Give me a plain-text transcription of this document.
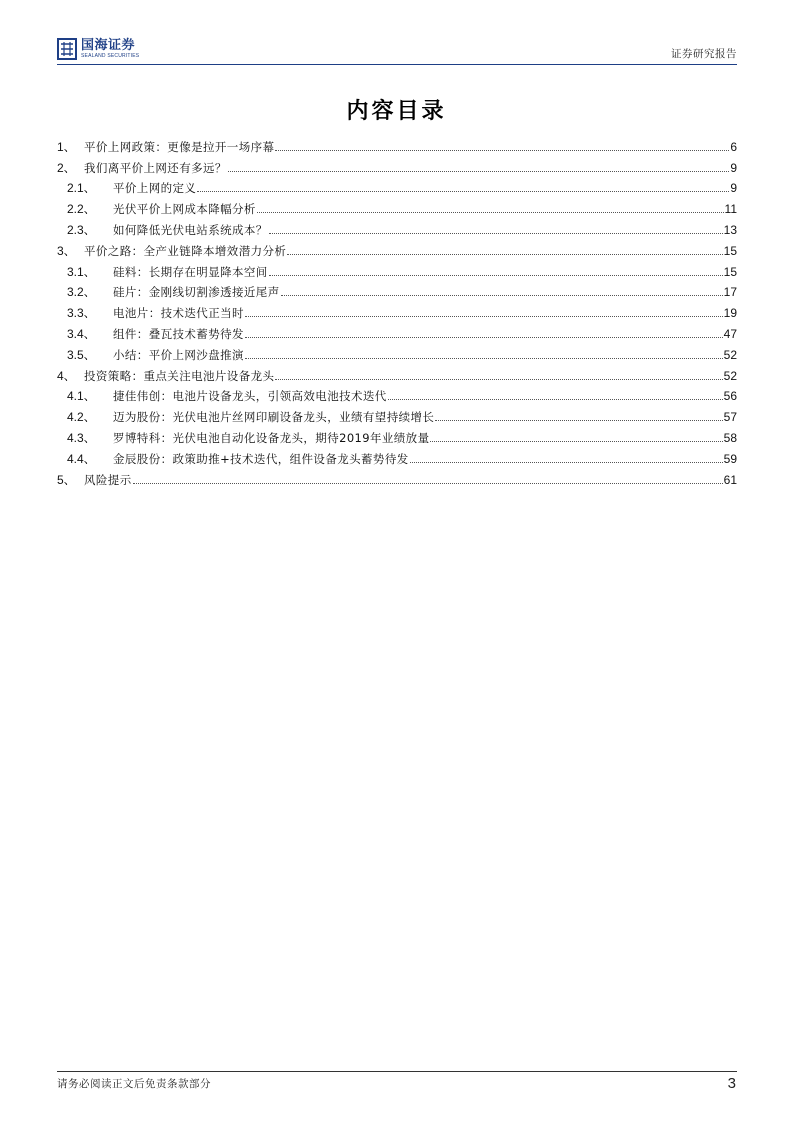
国海证券
SEALAND SECURITIES	证券研究报告
内容目录
1、 平价上网政策：更像是拉开一场序幕	6
2、 我们离平价上网还有多远？	9
2.1、	平价上网的定义	9
2.2、	光伏平价上网成本降幅分析	11
2.3、	如何降低光伏电站系统成本？	13
3、 平价之路：全产业链降本增效潜力分析	15
3.1、	硅料：长期存在明显降本空间	15
3.2、	硅片：金刚线切割渗透接近尾声	17
3.3、	电池片：技术迭代正当时	19
3.4、	组件：叠瓦技术蓄势待发	47
3.5、	小结：平价上网沙盘推演	52
4、 投资策略：重点关注电池片设备龙头	52
4.1、	捷佳伟创：电池片设备龙头，引领高效电池技术迭代	56
4.2、	迈为股份：光伏电池片丝网印刷设备龙头，业绩有望持续增长	57
4.3、	罗博特科：光伏电池自动化设备龙头，期待2019年业绩放量	58
4.4、	金辰股份：政策助推+技术迭代，组件设备龙头蓄势待发	59
5、 风险提示	61
请务必阅读正文后免责条款部分	3
